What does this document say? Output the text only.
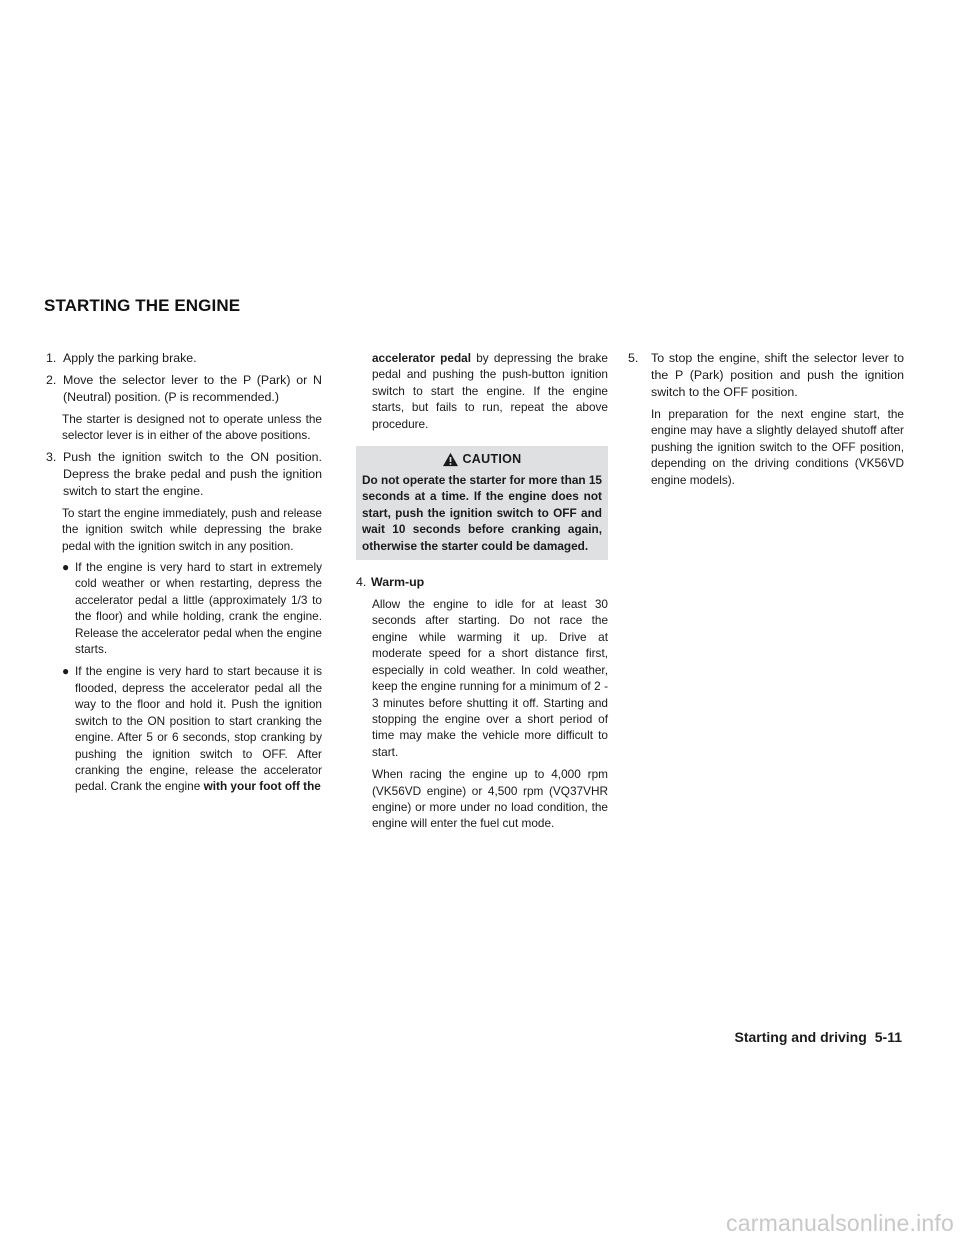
STARTING THE ENGINE
1. Apply the parking brake.
2. Move the selector lever to the P (Park) or N (Neutral) position. (P is recommended.)

The starter is designed not to operate unless the selector lever is in either of the above positions.

3. Push the ignition switch to the ON position. Depress the brake pedal and push the ignition switch to start the engine.

To start the engine immediately, push and release the ignition switch while depressing the brake pedal with the ignition switch in any position.

● If the engine is very hard to start in extremely cold weather or when restarting, depress the accelerator pedal a little (approximately 1/3 to the floor) and while holding, crank the engine. Release the accelerator pedal when the engine starts.
● If the engine is very hard to start because it is flooded, depress the accelerator pedal all the way to the floor and hold it. Push the ignition switch to the ON position to start cranking the engine. After 5 or 6 seconds, stop cranking by pushing the ignition switch to OFF. After cranking the engine, release the accelerator pedal. Crank the engine with your foot off the

accelerator pedal by depressing the brake pedal and pushing the push-button ignition switch to start the engine. If the engine starts, but fails to run, repeat the above procedure.

CAUTION
Do not operate the starter for more than 15 seconds at a time. If the engine does not start, push the ignition switch to OFF and wait 10 seconds before cranking again, otherwise the starter could be damaged.
4. Warm-up
Allow the engine to idle for at least 30 seconds after starting. Do not race the engine while warming it up. Drive at moderate speed for a short distance first, especially in cold weather. In cold weather, keep the engine running for a minimum of 2 - 3 minutes before shutting it off. Starting and stopping the engine over a short period of time may make the vehicle more difficult to start.
When racing the engine up to 4,000 rpm (VK56VD engine) or 4,500 rpm (VQ37VHR engine) or more under no load condition, the engine will enter the fuel cut mode.
5.	To stop the engine, shift the selector lever to the P (Park) position and push the ignition switch to the OFF position.

In preparation for the next engine start, the engine may have a slightly delayed shutoff after pushing the ignition switch to the OFF position, depending on the driving conditions (VK56VD engine models).

Starting and driving 5-11
carmanualsonline.info
